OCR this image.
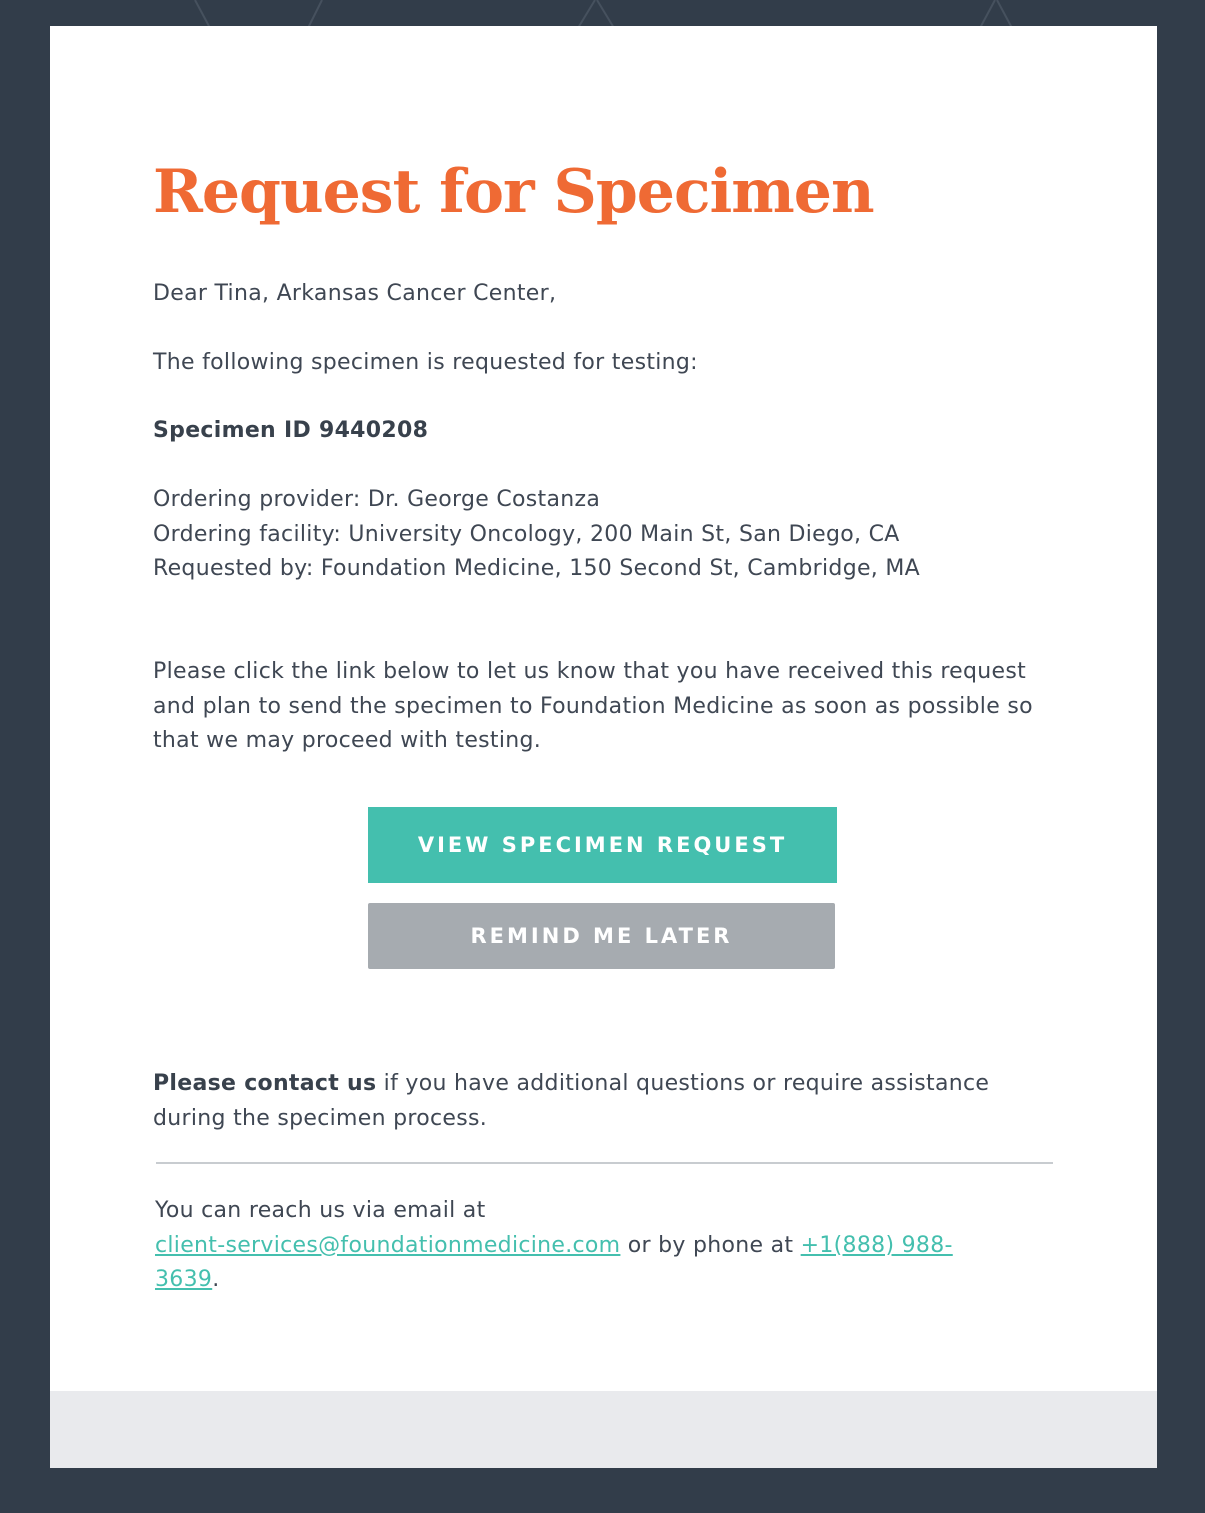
Request for Specimen

Dear Tina, Arkansas Cancer Center,

The following specimen is requested for testing:

Specimen ID 9440208

Ordering provider: Dr. George Costanza
Ordering facility: University Oncology, 200 Main St, San Diego, CA
Requested by: Foundation Medicine, 150 Second St, Cambridge, MA

Please click the link below to let us know that you have received this request and plan to send the specimen to Foundation Medicine as soon as possible so that we may proceed with testing.

VIEW SPECIMEN REQUEST
REMIND ME LATER

Please contact us if you have additional questions or require assistance during the specimen process.

You can reach us via email at
client-services@foundationmedicine.com or by phone at +1(888) 988-3639.
